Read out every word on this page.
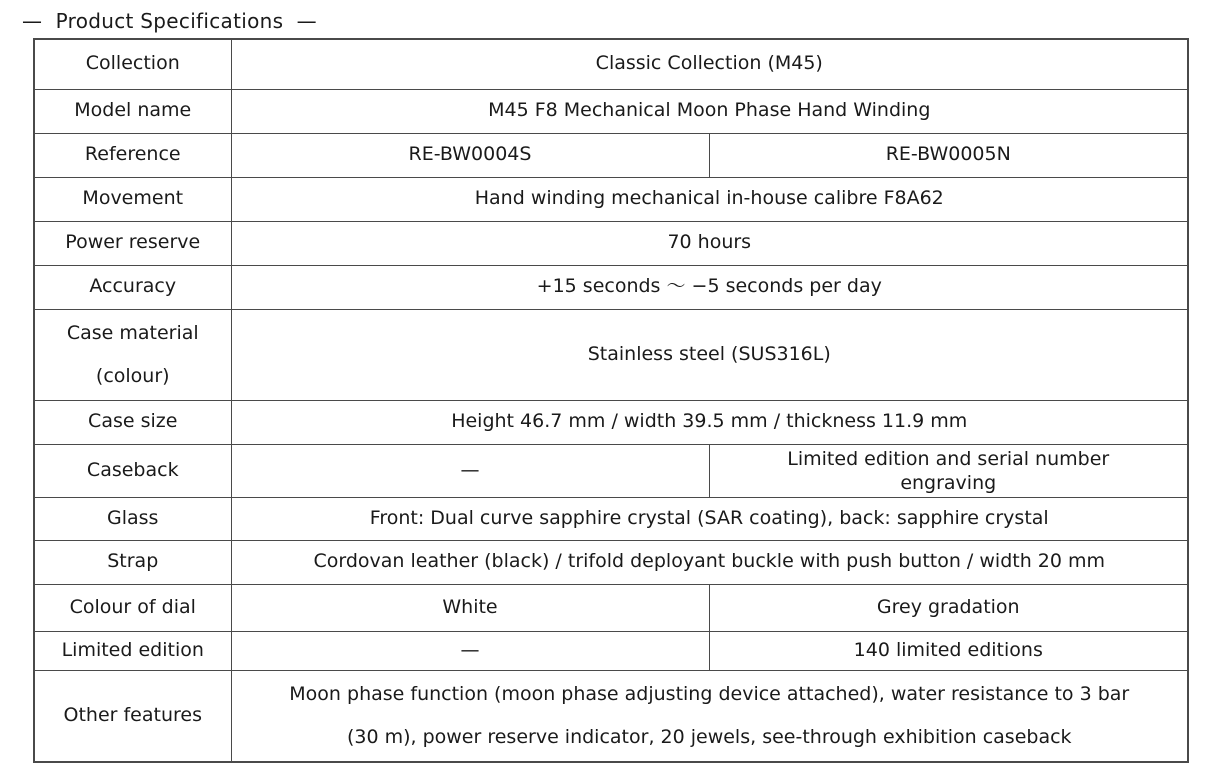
—  Product Specifications  —
Collection	Classic Collection (M45)	
Model name	M45 F8 Mechanical Moon Phase Hand Winding	
Reference	RE-BW0004S	RE-BW0005N
Movement	Hand winding mechanical in-house calibre F8A62	
Power reserve	70 hours	
Accuracy	+15 seconds ～ −5 seconds per day	

Case material
(colour)	Stainless steel (SUS316L)	
Case size	Height 46.7 mm / width 39.5 mm / thickness 11.9 mm	
Caseback	—	Limited edition and serial number
engraving

Glass	Front: Dual curve sapphire crystal (SAR coating), back: sapphire crystal	
Strap	Cordovan leather (black) / trifold deployant buckle with push button / width 20 mm	
Colour of dial	White	Grey gradation
Limited edition	—	140 limited editions
Other features	Moon phase function (moon phase adjusting device attached), water resistance to 3 bar
(30 m), power reserve indicator, 20 jewels, see-through exhibition caseback	
